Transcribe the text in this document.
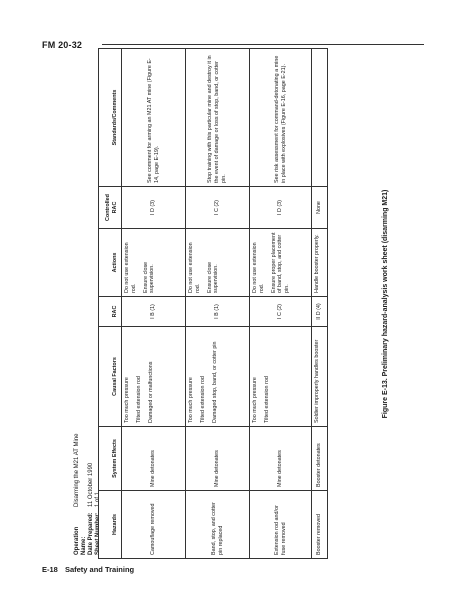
FM 20-32
Operation Name:
Disarming the M21 AT Mine
Date Prepared:
11 October 1990
Sheet Number:
1 of 1
Hazards	System Effects	Causal Factors	RAC	Actions	Controlled RAC	Standards/Comments
Camouflage removed	Mine detonates	Too much pressure Tilted extension rod Damaged or malfunctions	I B (1)	Do not use extension rod. Ensure close supervision.	I D (3)	See comment for arming an M21 AT mine (Figure E-14, page E-19).

Band, stop, and cotter pin replaced	Mine detonates	Too much pressure Tilted extension rod Damaged stop, band, or cotter pin	I B (1)	Do not use extension rod. Ensure close supervision.	I C (2)	Stop training with this particular mine and destroy it in the event of damage or loss of stop, band, or cotter pin.

Extension rod and/or fuse removed	Mine detonates	Too much pressure Tilted extension rod	I C (2)	Do not use extension rod. Ensure proper placement of band, stop, and cotter pin.	I D (3)	See risk assessment for command-detonating a mine in place with explosives (Figure E-16, page E-21).

Booster removed	Booster detonates	Soldier improperly handles booster	II D (4)	Handle booster properly.	None		Figure E-13. Preliminary hazard-analysis work sheet (disarming M21)
E-18 Safety and Training
